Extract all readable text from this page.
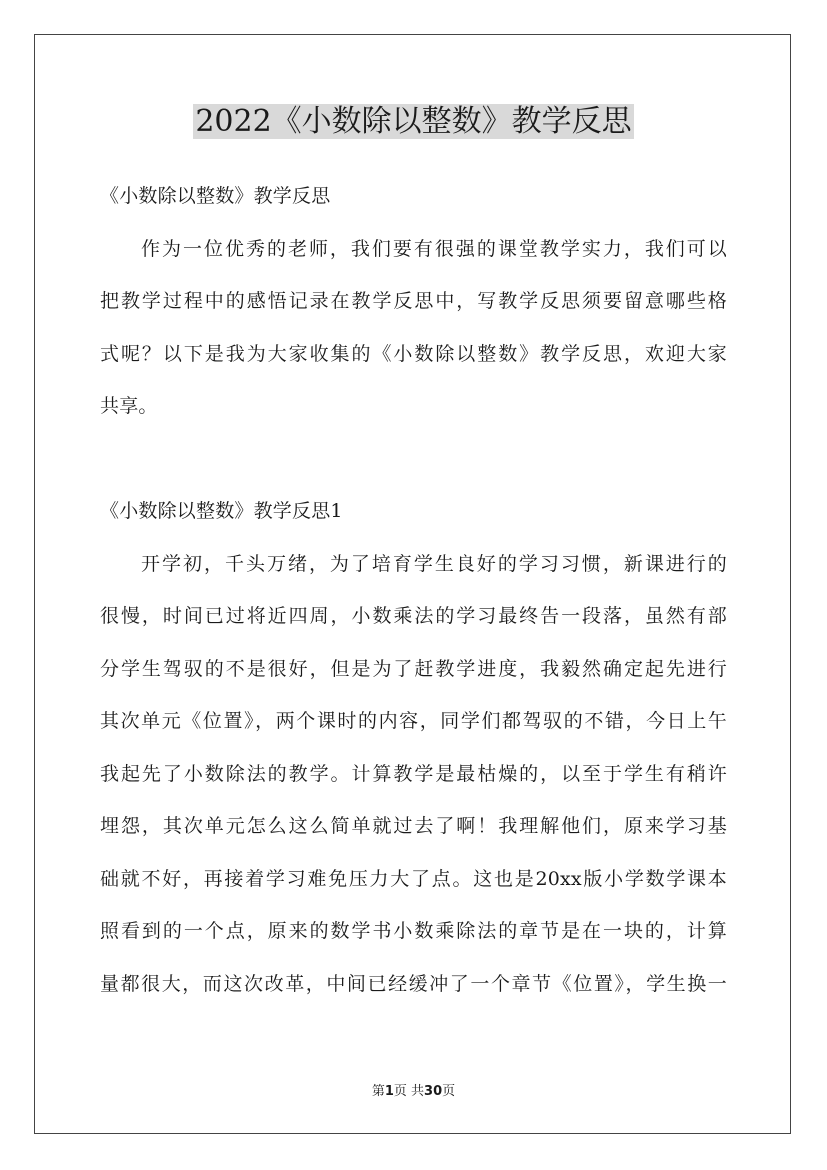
2022《小数除以整数》教学反思
《小数除以整数》教学反思
作为一位优秀的老师，我们要有很强的课堂教学实力，我们可以
把教学过程中的感悟记录在教学反思中，写教学反思须要留意哪些格
式呢？以下是我为大家收集的《小数除以整数》教学反思，欢迎大家
共享。
《小数除以整数》教学反思1
开学初，千头万绪，为了培育学生良好的学习习惯，新课进行的
很慢，时间已过将近四周，小数乘法的学习最终告一段落，虽然有部
分学生驾驭的不是很好，但是为了赶教学进度，我毅然确定起先进行
其次单元《位置》，两个课时的内容，同学们都驾驭的不错，今日上午
我起先了小数除法的教学。计算教学是最枯燥的，以至于学生有稍许
埋怨，其次单元怎么这么简单就过去了啊！我理解他们，原来学习基
础就不好，再接着学习难免压力大了点。这也是20xx版小学数学课本
照看到的一个点，原来的数学书小数乘除法的章节是在一块的，计算
量都很大，而这次改革，中间已经缓冲了一个章节《位置》，学生换一
第1页 共30页
